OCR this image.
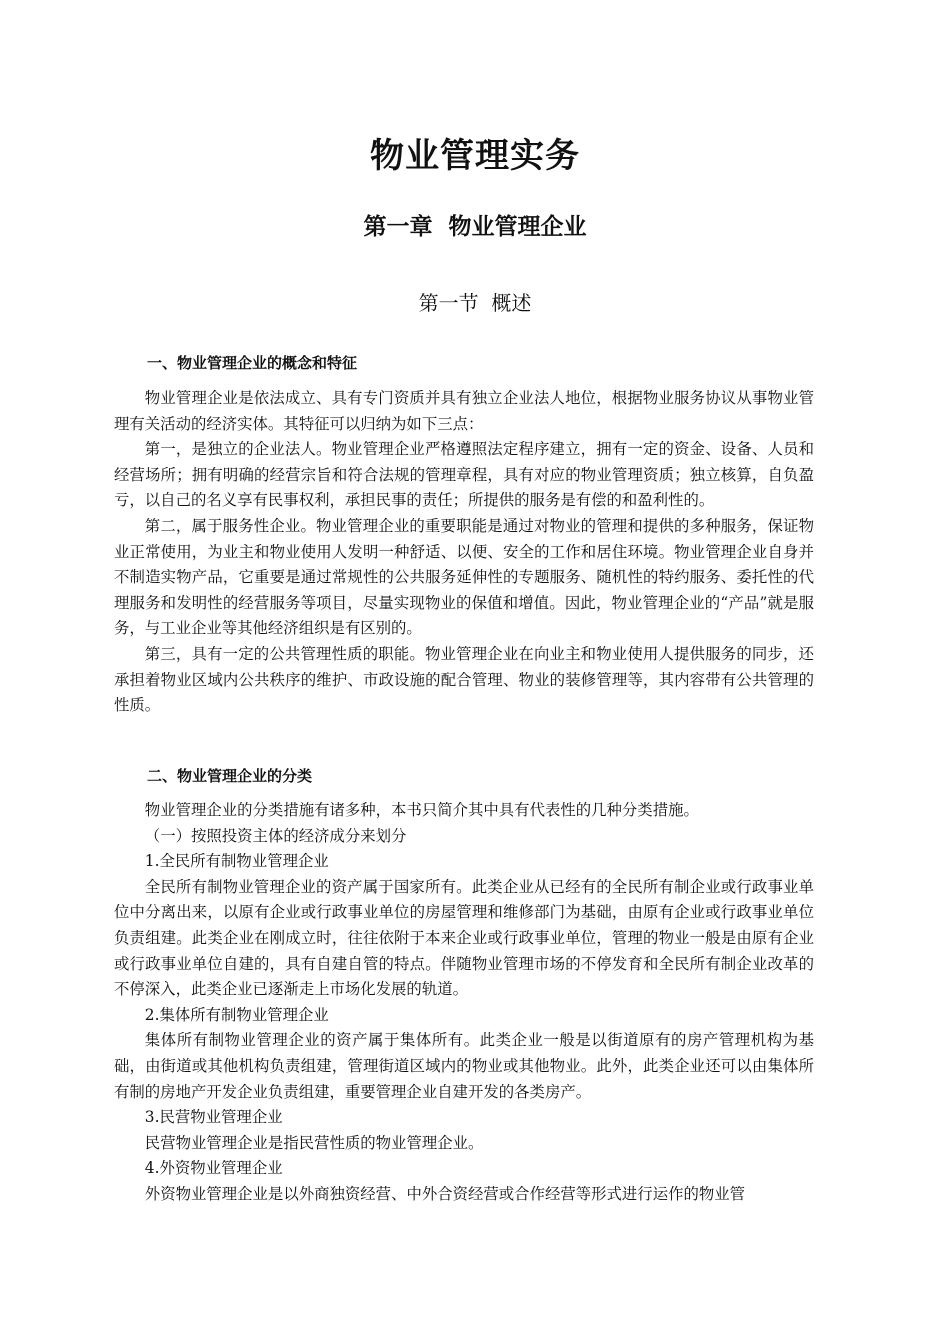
物业管理实务
第一章  物业管理企业
第一节  概述
一、物业管理企业的概念和特征

物业管理企业是依法成立、具有专门资质并具有独立企业法人地位，根据物业服务协议从事物业管理有关活动的经济实体。其特征可以归纳为如下三点：

第一，是独立的企业法人。物业管理企业严格遵照法定程序建立，拥有一定的资金、设备、人员和经营场所；拥有明确的经营宗旨和符合法规的管理章程，具有对应的物业管理资质；独立核算，自负盈亏，以自己的名义享有民事权利，承担民事的责任；所提供的服务是有偿的和盈利性的。

第二，属于服务性企业。物业管理企业的重要职能是通过对物业的管理和提供的多种服务，保证物业正常使用，为业主和物业使用人发明一种舒适、以便、安全的工作和居住环境。物业管理企业自身并不制造实物产品，它重要是通过常规性的公共服务延伸性的专题服务、随机性的特约服务、委托性的代理服务和发明性的经营服务等项目，尽量实现物业的保值和增值。因此，物业管理企业的“产品”就是服务，与工业企业等其他经济组织是有区别的。

第三，具有一定的公共管理性质的职能。物业管理企业在向业主和物业使用人提供服务的同步，还承担着物业区域内公共秩序的维护、市政设施的配合管理、物业的装修管理等，其内容带有公共管理的性质。

二、物业管理企业的分类

物业管理企业的分类措施有诸多种，本书只简介其中具有代表性的几种分类措施。

（一）按照投资主体的经济成分来划分

1.全民所有制物业管理企业

全民所有制物业管理企业的资产属于国家所有。此类企业从已经有的全民所有制企业或行政事业单位中分离出来，以原有企业或行政事业单位的房屋管理和维修部门为基础，由原有企业或行政事业单位负责组建。此类企业在刚成立时，往往依附于本来企业或行政事业单位，管理的物业一般是由原有企业或行政事业单位自建的，具有自建自管的特点。伴随物业管理市场的不停发育和全民所有制企业改革的不停深入，此类企业已逐渐走上市场化发展的轨道。

2.集体所有制物业管理企业

集体所有制物业管理企业的资产属于集体所有。此类企业一般是以街道原有的房产管理机构为基础，由街道或其他机构负责组建，管理街道区域内的物业或其他物业。此外，此类企业还可以由集体所有制的房地产开发企业负责组建，重要管理企业自建开发的各类房产。

3.民营物业管理企业

民营物业管理企业是指民营性质的物业管理企业。

4.外资物业管理企业

外资物业管理企业是以外商独资经营、中外合资经营或合作经营等形式进行运作的物业管
